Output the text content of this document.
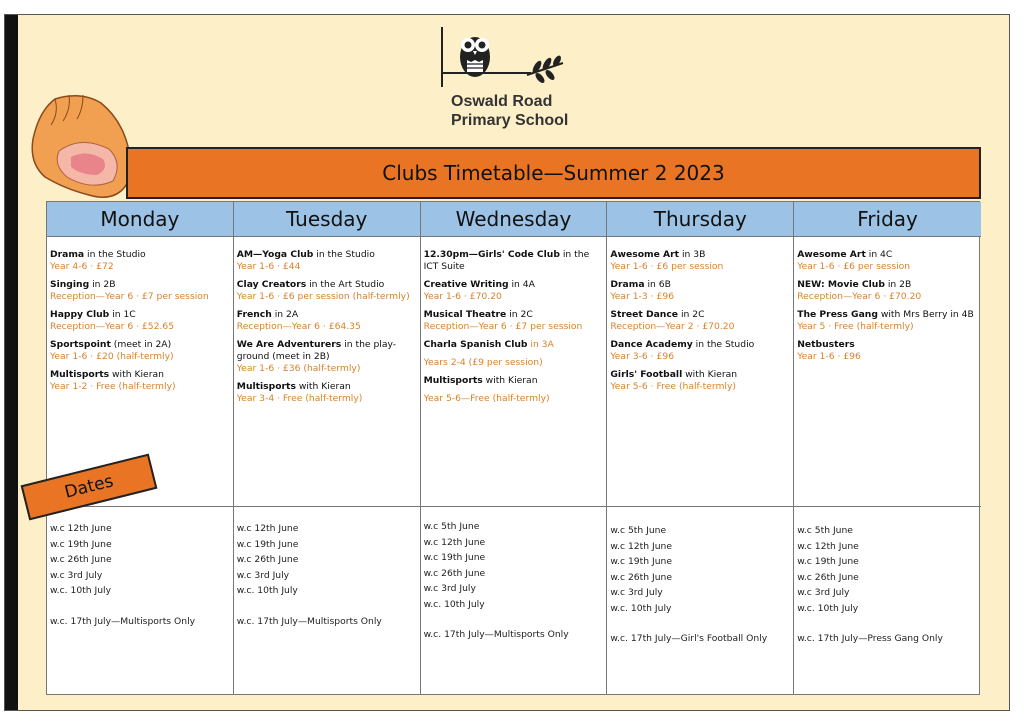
Oswald Road
Primary School
Clubs Timetable—Summer 2 2023
Monday
Drama in the Studio
Year 4-6 · £72
Singing in 2B
Reception—Year 6 · £7 per session
Happy Club in 1C
Reception—Year 6 · £52.65
Sportspoint (meet in 2A)
Year 1-6 · £20 (half-termly)
Multisports with Kieran
Year 1-2 · Free (half-termly)
w.c 12th June
w.c 19th June
w.c 26th June
w.c 3rd July
w.c. 10th July
w.c. 17th July—Multisports Only
Tuesday
AM—Yoga Club in the Studio
Year 1-6 · £44
Clay Creators in the Art Studio
Year 1-6 · £6 per session (half-termly)
French in 2A
Reception—Year 6 · £64.35
We Are Adventurers in the play-ground (meet in 2B)
Year 1-6 · £36 (half-termly)
Multisports with Kieran
Year 3-4 · Free (half-termly)
w.c 12th June
w.c 19th June
w.c 26th June
w.c 3rd July
w.c. 10th July
w.c. 17th July—Multisports Only
Wednesday
12.30pm—Girls' Code Club in the ICT Suite
Creative Writing in 4A
Year 1-6 · £70.20
Musical Theatre in 2C
Reception—Year 6 · £7 per session
Charla Spanish Club in 3A
Years 2-4 (£9 per session)
Multisports with Kieran
Year 5-6—Free (half-termly)
w.c 5th June
w.c 12th June
w.c 19th June
w.c 26th June
w.c 3rd July
w.c. 10th July
w.c. 17th July—Multisports Only
Thursday
Awesome Art in 3B
Year 1-6 · £6 per session
Drama in 6B
Year 1-3 · £96
Street Dance in 2C
Reception—Year 2 · £70.20
Dance Academy in the Studio
Year 3-6 · £96
Girls' Football with Kieran
Year 5-6 · Free (half-termly)
w.c 5th June
w.c 12th June
w.c 19th June
w.c 26th June
w.c 3rd July
w.c. 10th July
w.c. 17th July—Girl's Football Only
Friday
Awesome Art in 4C
Year 1-6 · £6 per session
NEW: Movie Club in 2B
Reception—Year 6 · £70.20
The Press Gang with Mrs Berry in 4B
Year 5 · Free (half-termly)
Netbusters
Year 1-6 · £96
w.c 5th June
w.c 12th June
w.c 19th June
w.c 26th June
w.c 3rd July
w.c. 10th July
w.c. 17th July—Press Gang Only
Dates
